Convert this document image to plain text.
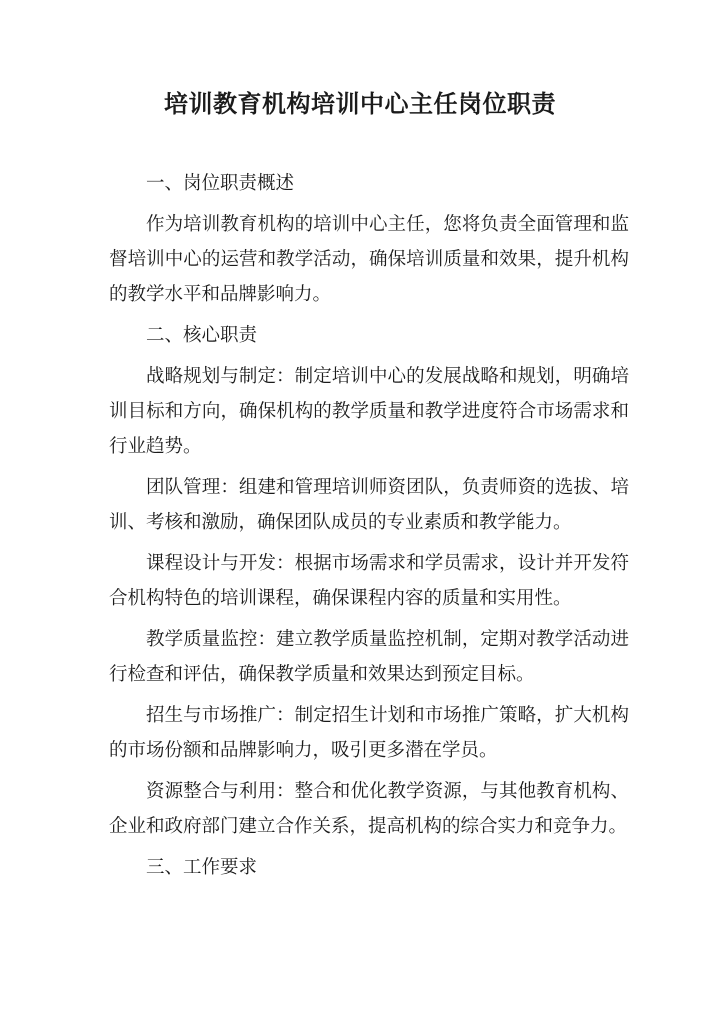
培训教育机构培训中心主任岗位职责

一、岗位职责概述

作为培训教育机构的培训中心主任，您将负责全面管理和监督培训中心的运营和教学活动，确保培训质量和效果，提升机构的教学水平和品牌影响力。

二、核心职责

战略规划与制定：制定培训中心的发展战略和规划，明确培训目标和方向，确保机构的教学质量和教学进度符合市场需求和行业趋势。

团队管理：组建和管理培训师资团队，负责师资的选拔、培训、考核和激励，确保团队成员的专业素质和教学能力。

课程设计与开发：根据市场需求和学员需求，设计并开发符合机构特色的培训课程，确保课程内容的质量和实用性。

教学质量监控：建立教学质量监控机制，定期对教学活动进行检查和评估，确保教学质量和效果达到预定目标。

招生与市场推广：制定招生计划和市场推广策略，扩大机构的市场份额和品牌影响力，吸引更多潜在学员。

资源整合与利用：整合和优化教学资源，与其他教育机构、企业和政府部门建立合作关系，提高机构的综合实力和竞争力。

三、工作要求
